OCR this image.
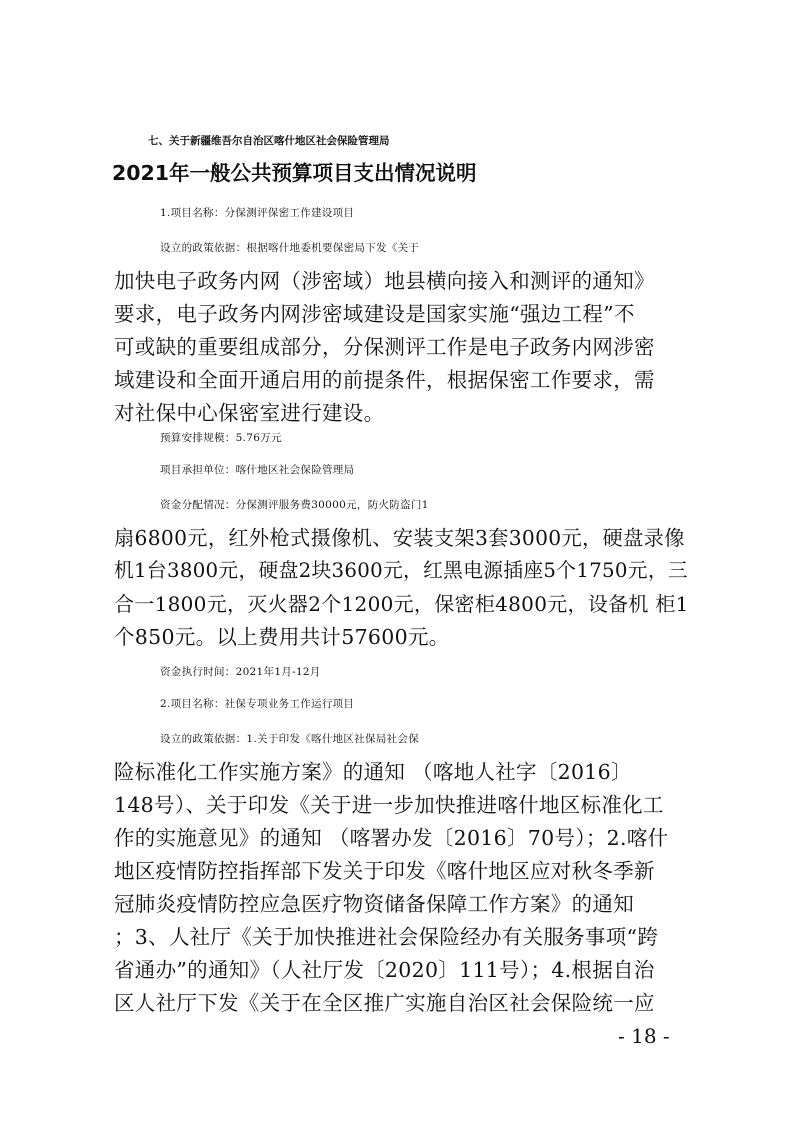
七、关于新疆维吾尔自治区喀什地区社会保险管理局
2021年一般公共预算项目支出情况说明
1.项目名称：分保测评保密工作建设项目
设立的政策依据：根据喀什地委机要保密局下发《关于
加快电子政务内网（涉密域）地县横向接入和测评的通知》
要求，电子政务内网涉密域建设是国家实施“强边工程”不
可或缺的重要组成部分，分保测评工作是电子政务内网涉密
域建设和全面开通启用的前提条件，根据保密工作要求，需
对社保中心保密室进行建设。
预算安排规模：5.76万元
项目承担单位：喀什地区社会保险管理局
资金分配情况：分保测评服务费30000元，防火防盗门1
扇6800元，红外枪式摄像机、安装支架3套3000元，硬盘录像
机1台3800元，硬盘2块3600元，红黑电源插座5个1750元，三
合一1800元，灭火器2个1200元，保密柜4800元，设备机 柜1
个850元。以上费用共计57600元。
资金执行时间：2021年1月-12月
2.项目名称：社保专项业务工作运行项目
设立的政策依据：1.关于印发《喀什地区社保局社会保
险标准化工作实施方案》的通知 （喀地人社字〔2016〕
148号）、关于印发《关于进一步加快推进喀什地区标准化工
作的实施意见》的通知 （喀署办发〔2016〕70号）；2.喀什
地区疫情防控指挥部下发关于印发《喀什地区应对秋冬季新
冠肺炎疫情防控应急医疗物资储备保障工作方案》的通知
；3、人社厅《关于加快推进社会保险经办有关服务事项“跨
省通办”的通知》（人社厅发〔2020〕111号）；4.根据自治
区人社厅下发《关于在全区推广实施自治区社会保险统一应
- 18 -
